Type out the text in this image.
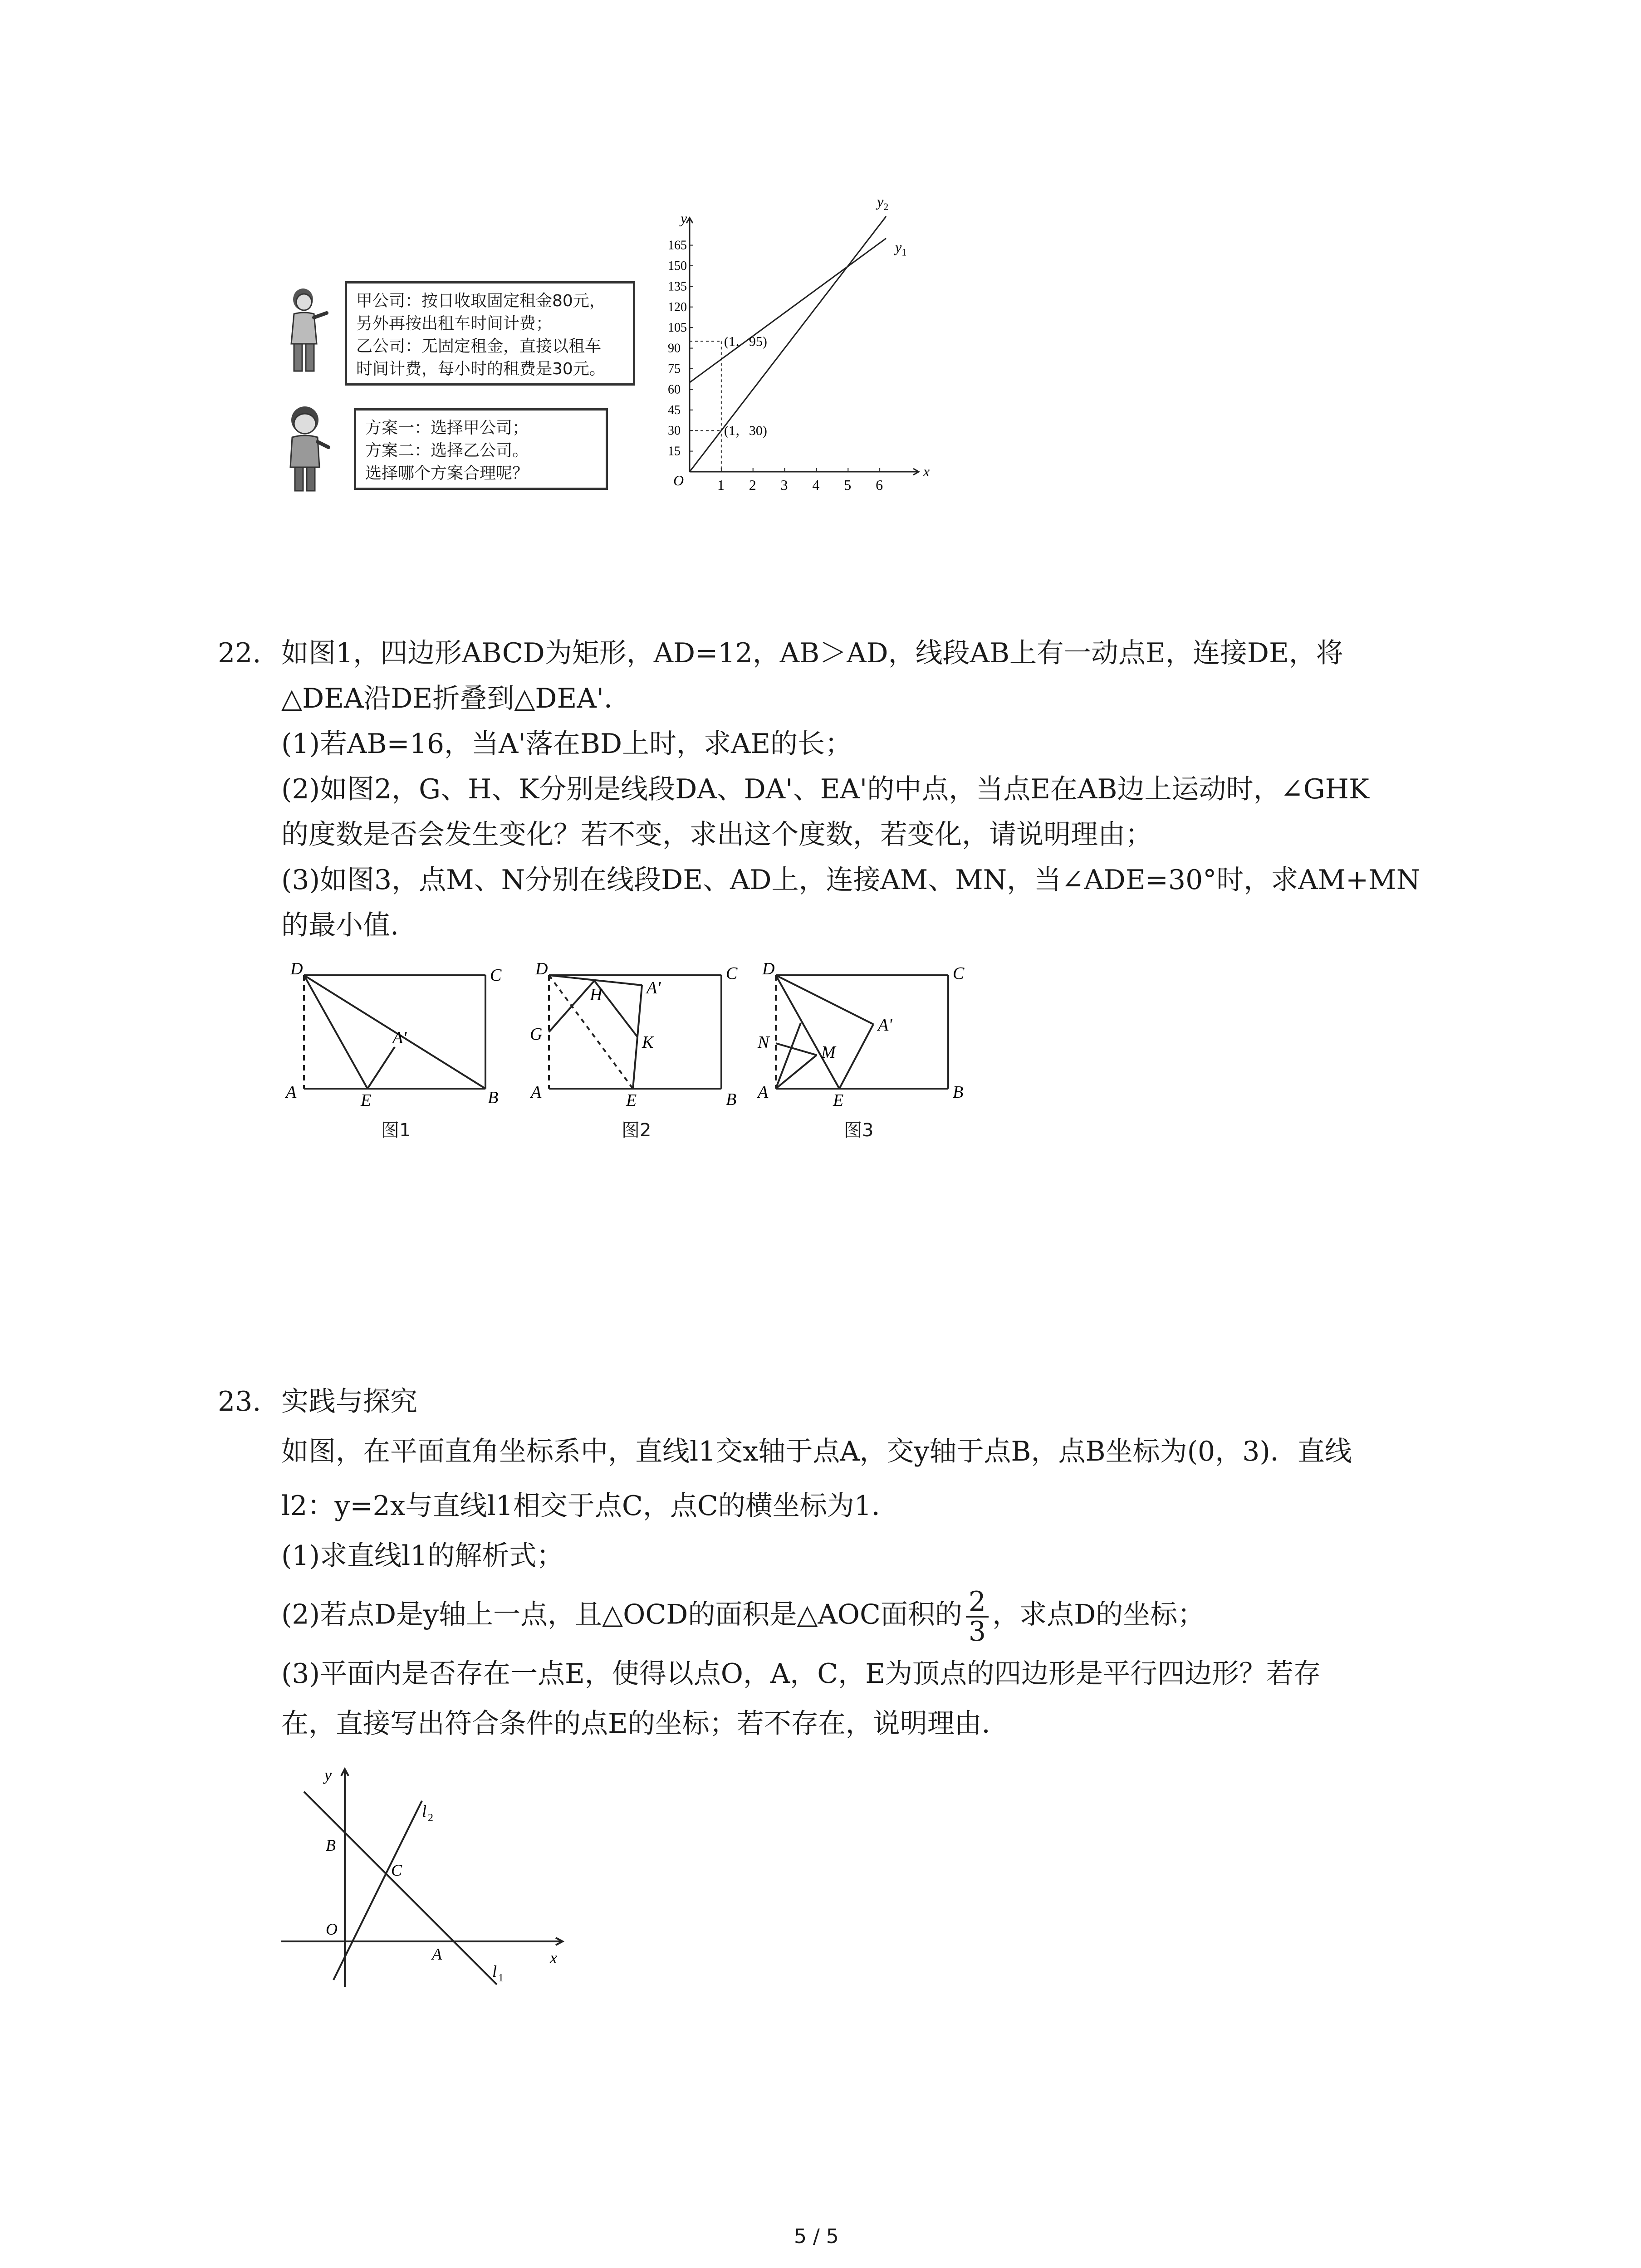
甲公司：按日收取固定租金80元，
另外再按出租车时间计费；
乙公司：无固定租金，直接以租车
时间计费，每小时的租费是30元。
方案一：选择甲公司；
方案二：选择乙公司。
选择哪个方案合理呢？
1 2 3 4 5 6
15
30
45
60
75
90
105
120
135
150
165
x
y
O
(1，95)
(1，30)
$y_1$
$y_2$
22. 如图1，四边形ABCD为矩形，AD=12，AB＞AD，线段AB上有一动点E，连接DE，将
△DEA沿DE折叠到△DEA'．
(1)若AB=16，当A'落在BD上时，求AE的长；
(2)如图2，G、H、K分别是线段DA、DA'、EA'的中点，当点E在AB边上运动时，∠GHK
的度数是否会发生变化？若不变，求出这个度数，若变化，请说明理由；
(3)如图3，点M、N分别在线段DE、AD上，连接AM、MN，当∠ADE=30°时，求AM+MN
的最小值.
D	C
A	E	B
A'
图1
D	C
A	E	B
G
H	A'
K
图2
D	C
A	E	B
N
M
A'
图3
23. 实践与探究
如图，在平面直角坐标系中，直线l1交x轴于点A，交y轴于点B，点B坐标为(0，3)．直线
l2：y=2x与直线l1相交于点C，点C的横坐标为1．
(1)求直线l1的解析式；
(2)若点D是y轴上一点，且△OCD的面积是△AOC面积的 $\frac{2}{3}$ ，求点D的坐标；
(3)平面内是否存在一点E，使得以点O，A，C，E为顶点的四边形是平行四边形？若存
在，直接写出符合条件的点E的坐标；若不存在，说明理由．
y
x
O
B
C
A
l 2
l 1
5 / 5
